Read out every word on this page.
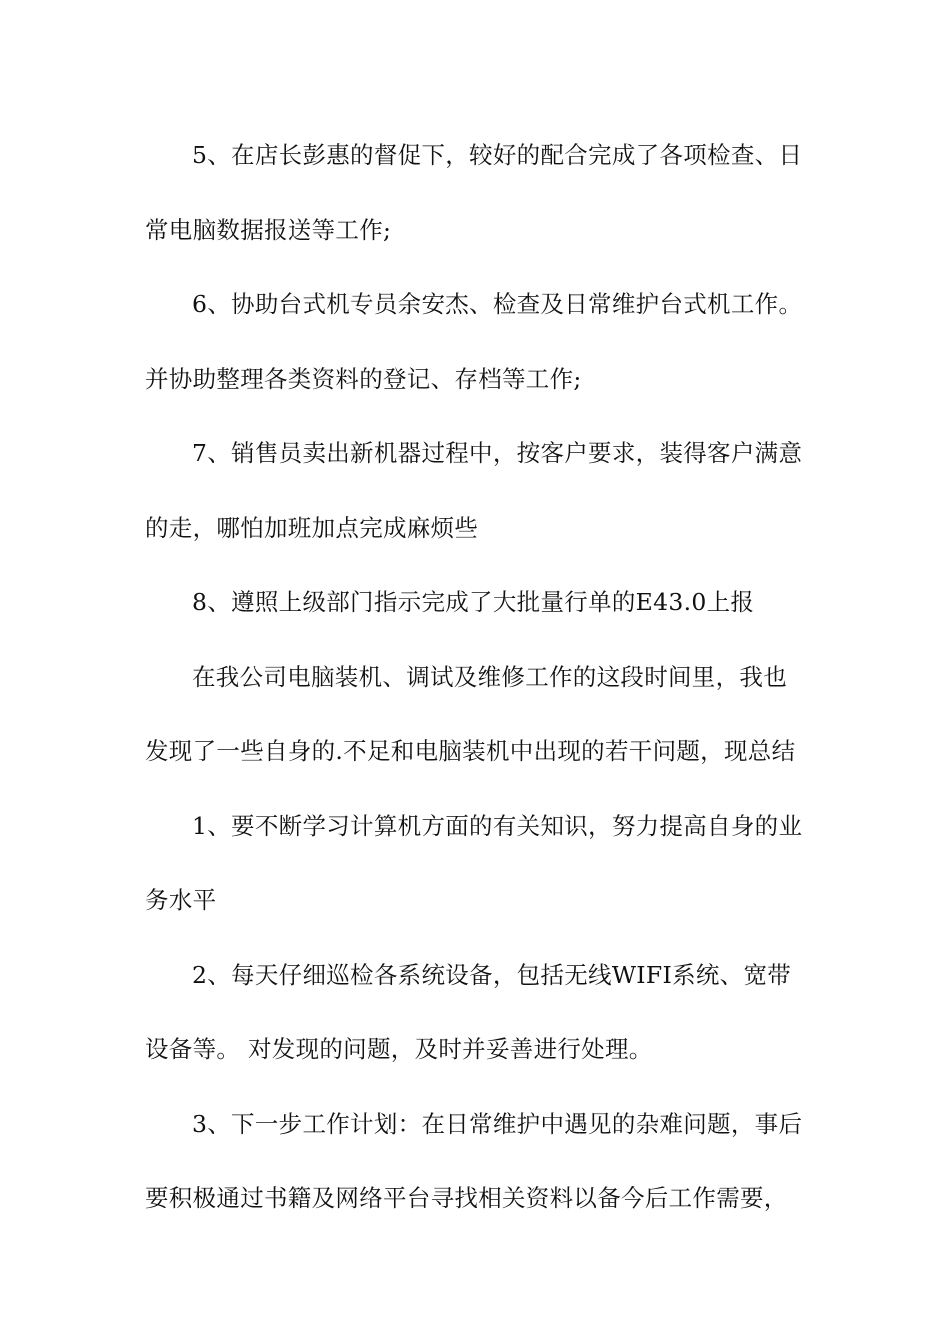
5、在店长彭惠的督促下，较好的配合完成了各项检查、日
常电脑数据报送等工作;

6、协助台式机专员余安杰、检查及日常维护台式机工作。
并协助整理各类资料的登记、存档等工作;

7、销售员卖出新机器过程中，按客户要求，装得客户满意
的走，哪怕加班加点完成麻烦些

8、遵照上级部门指示完成了大批量行单的E43.0上报

在我公司电脑装机、调试及维修工作的这段时间里，我也
发现了一些自身的.不足和电脑装机中出现的若干问题，现总结

1、要不断学习计算机方面的有关知识，努力提高自身的业
务水平

2、每天仔细巡检各系统设备，包括无线WIFI系统、宽带
设备等。 对发现的问题，及时并妥善进行处理。

3、下一步工作计划：在日常维护中遇见的杂难问题，事后
要积极通过书籍及网络平台寻找相关资料以备今后工作需要，
